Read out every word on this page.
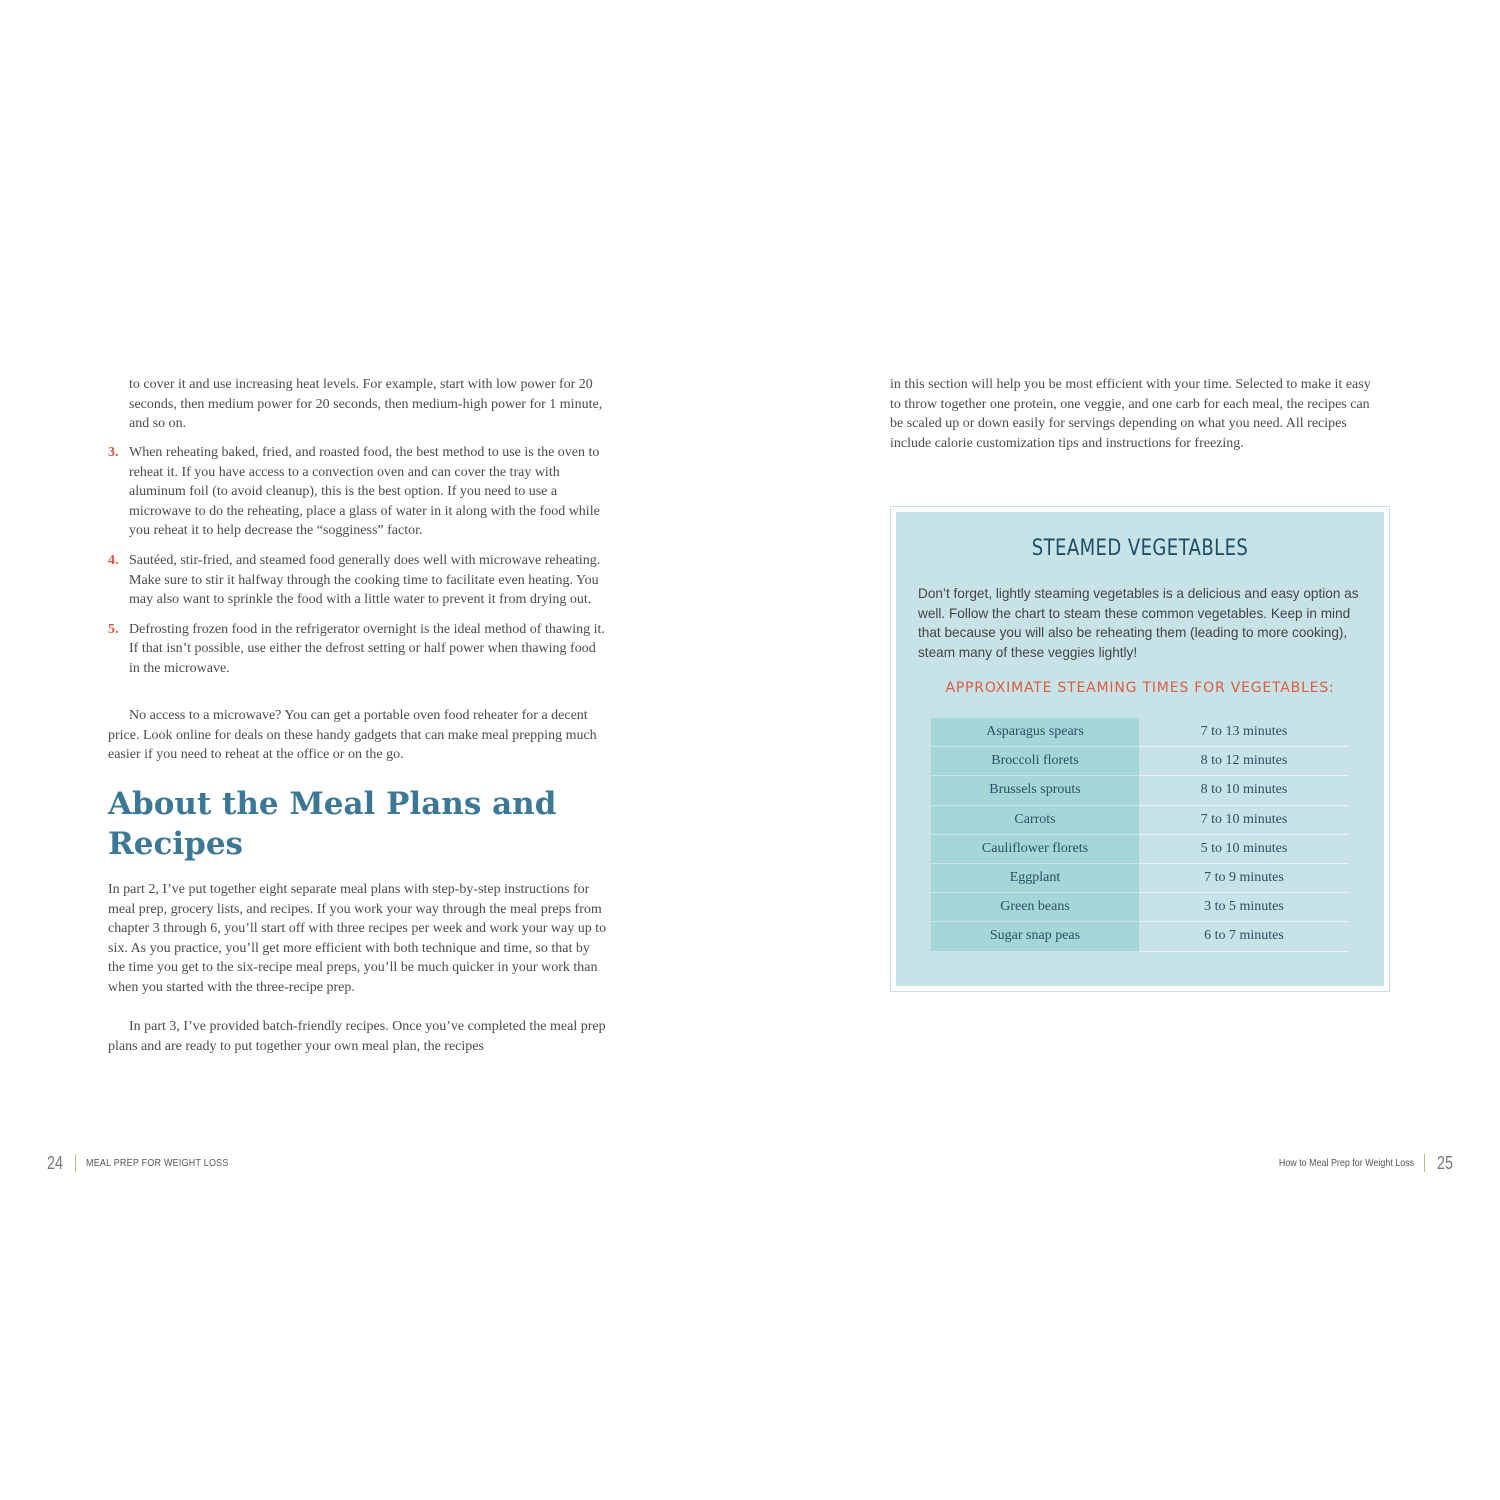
to cover it and use increasing heat levels. For example, start with low power for 20 seconds, then medium power for 20 seconds, then medium-high power for 1 minute, and so on.

3. When reheating baked, fried, and roasted food, the best method to use is the oven to reheat it. If you have access to a convection oven and can cover the tray with aluminum foil (to avoid cleanup), this is the best option. If you need to use a microwave to do the reheating, place a glass of water in it along with the food while you reheat it to help decrease the “sogginess” factor.
4. Sautéed, stir-fried, and steamed food generally does well with microwave reheating. Make sure to stir it halfway through the cooking time to facilitate even heating. You may also want to sprinkle the food with a little water to prevent it from drying out.
5. Defrosting frozen food in the refrigerator overnight is the ideal method of thawing it. If that isn’t possible, use either the defrost setting or half power when thawing food in the microwave.

No access to a microwave? You can get a portable oven food reheater for a decent price. Look online for deals on these handy gadgets that can make meal prepping much easier if you need to reheat at the office or on the go.

About the Meal Plans and Recipes

In part 2, I’ve put together eight separate meal plans with step-by-step instructions for meal prep, grocery lists, and recipes. If you work your way through the meal preps from chapter 3 through 6, you’ll start off with three recipes per week and work your way up to six. As you practice, you’ll get more efficient with both technique and time, so that by the time you get to the six-recipe meal preps, you’ll be much quicker in your work than when you started with the three-recipe prep.

In part 3, I’ve provided batch-friendly recipes. Once you’ve completed the meal prep plans and are ready to put together your own meal plan, the recipes

24 MEAL PREP FOR WEIGHT LOSS

in this section will help you be most efficient with your time. Selected to make it easy to throw together one protein, one veggie, and one carb for each meal, the recipes can be scaled up or down easily for servings depending on what you need. All recipes include calorie customization tips and instructions for freezing.

STEAMED VEGETABLES

Don’t forget, lightly steaming vegetables is a delicious and easy option as well. Follow the chart to steam these common vegetables. Keep in mind that because you will also be reheating them (leading to more cooking), steam many of these veggies lightly!

APPROXIMATE STEAMING TIMES FOR VEGETABLES:
Asparagus spears	7 to 13 minutes
Broccoli florets	8 to 12 minutes
Brussels sprouts	8 to 10 minutes
Carrots	7 to 10 minutes
Cauliflower florets	5 to 10 minutes
Eggplant	7 to 9 minutes
Green beans	3 to 5 minutes
Sugar snap peas	6 to 7 minutes
How to Meal Prep for Weight Loss 25
